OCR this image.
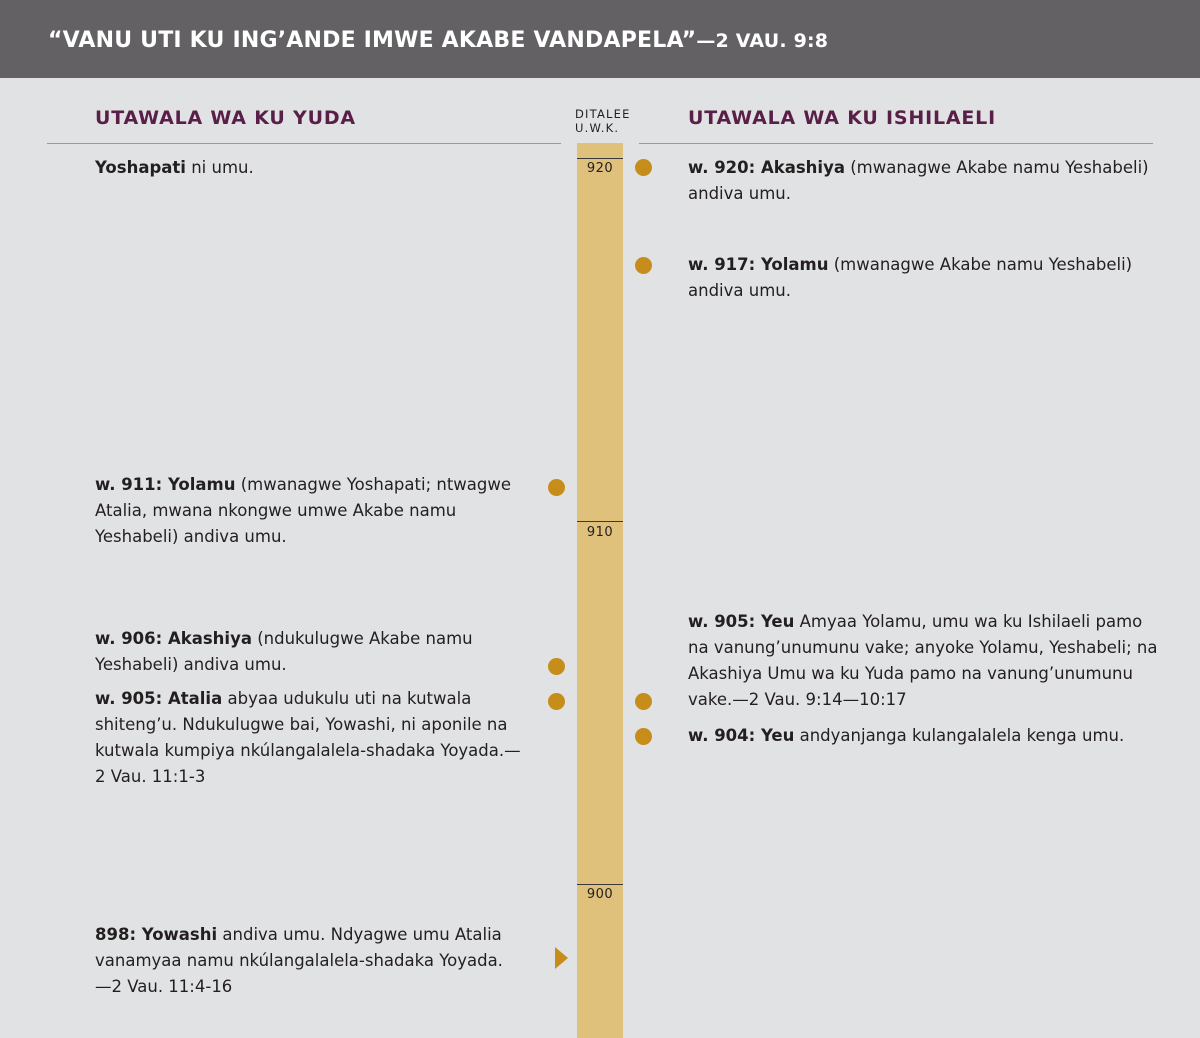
“VANU UTI KU ING’ANDE IMWE AKABE VANDAPELA”—2 VAU. 9:8
UTAWALA WA KU YUDA	UTAWALA WA KU ISHILAELI
DITALEE
U.W.K.
920
910
900
Yoshapati ni umu.
w. 911: Yolamu (mwanagwe Yoshapati; ntwagwe Atalia, mwana nkongwe umwe Akabe namu Yeshabeli) andiva umu.
w. 906: Akashiya (ndukulugwe Akabe namu Yeshabeli) andiva umu.
w. 905: Atalia abyaa udukulu uti na kutwala shiteng’u. Ndukulugwe bai, Yowashi, ni aponile na kutwala kumpiya nkúlangalalela-shadaka Yoyada.—2 Vau. 11:1-3
898: Yowashi andiva umu. Ndyagwe umu Atalia vanamyaa namu nkúlangalalela-shadaka Yoyada.—2 Vau. 11:4-16
w. 920: Akashiya (mwanagwe Akabe namu Yeshabeli) andiva umu.
w. 917: Yolamu (mwanagwe Akabe namu Yeshabeli) andiva umu.
w. 905: Yeu Amyaa Yolamu, umu wa ku Ishilaeli pamo na vanung’unumunu vake; anyoke Yolamu, Yeshabeli; na Akashiya Umu wa ku Yuda pamo na vanung’unumunu vake.—2 Vau. 9:14—10:17
w. 904: Yeu andyanjanga kulangalalela kenga umu.
